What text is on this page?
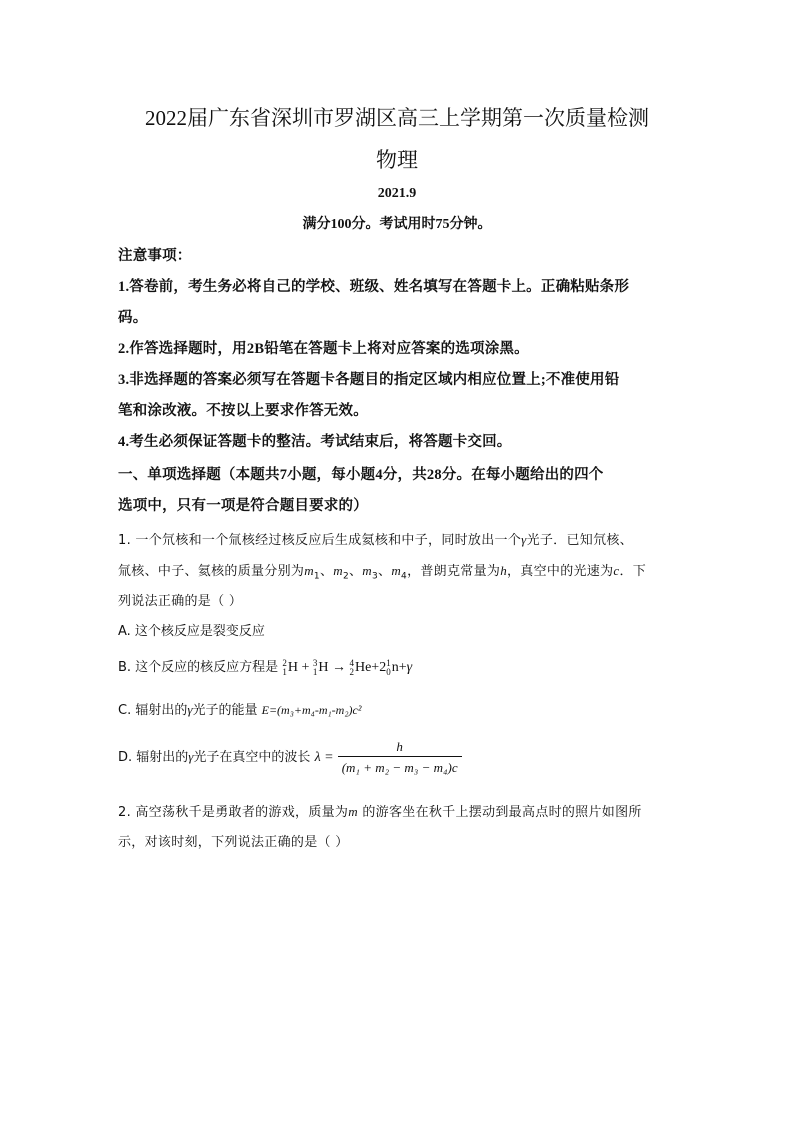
2022届广东省深圳市罗湖区高三上学期第一次质量检测
物理
2021.9
满分100分。考试用时75分钟。
注意事项：
1.答卷前，考生务必将自己的学校、班级、姓名填写在答题卡上。正确粘贴条形
码。
2.作答选择题时，用2B铅笔在答题卡上将对应答案的选项涂黑。
3.非选择题的答案必须写在答题卡各题目的指定区域内相应位置上;不准使用铅
笔和涂改液。不按以上要求作答无效。
4.考生必须保证答题卡的整洁。考试结束后，将答题卡交回。
一、单项选择题（本题共7小题，每小题4分，共28分。在每小题给出的四个
选项中，只有一项是符合题目要求的）
1. 一个氘核和一个氚核经过核反应后生成氦核和中子，同时放出一个γ光子．已知氘核、
氚核、中子、氦核的质量分别为$m_1$、$m_2$、$m_3$、$m_4$，普朗克常量为h，真空中的光速为c．下
列说法正确的是（ ）
A. 这个核反应是裂变反应
B. 这个反应的核反应方程是 2
1H + 3
1H → 4
2He+21
0n+γ
C. 辐射出的γ光子的能量 E=(m₃+m₄-m₁-m₂)c²
D. 辐射出的γ光子在真空中的波长 $\lambda = \frac{h}{\text{(m₁ + m₂ − m₃ − m₄)c}}$
2. 高空荡秋千是勇敢者的游戏，质量为m 的游客坐在秋千上摆动到最高点时的照片如图所
示，对该时刻，下列说法正确的是（ ）
